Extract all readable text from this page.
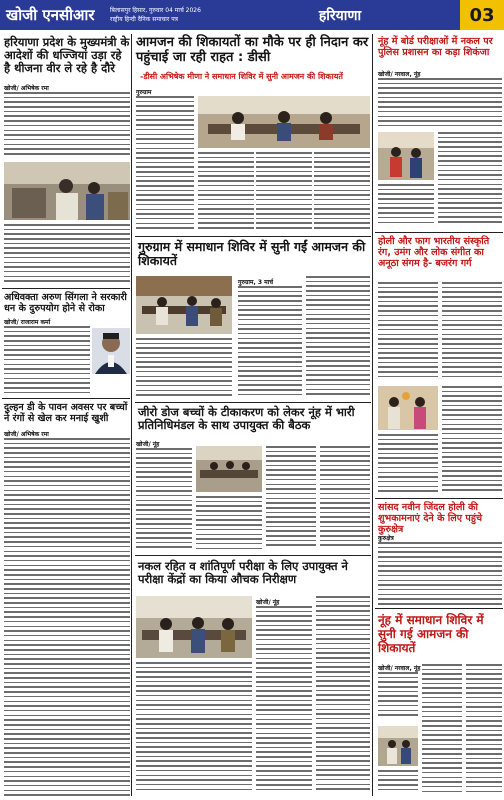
खोजी एनसीआर	बिलासपुर हिसार, गुरुवार 04 मार्च 2026
राष्ट्रीय हिन्दी दैनिक समाचार पत्र	हरियाणा	03
हरियाणा प्रदेश के मुख्यमंत्री के आदेशों की धज्जियां उड़ा रहे है थीजना वीर ले रहे है दौरे
खोजी/ अभिषेक रमा
अधिवक्ता अरुण सिंगला ने सरकारी धन के दुरुपयोग होने से रोका
खोजी/ राजाराम कर्मा
दुल्हन डी के पावन अवसर पर बच्चों ने रंगों से खेल कर मनाई खुशी
खोजी/ अभिषेक रमा
आमजन की शिकायतों का मौके पर ही निदान कर पहुंचाई जा रही राहत : डीसी
-डीसी अभिषेक मीणा ने समाधान शिविर में सुनी आमजन की शिकायतें
गुरुग्राम
गुरुग्राम में समाधान शिविर में सुनी गईं आमजन की शिकायतें
गुरुग्राम, 3 मार्च
जीरो डोज बच्चों के टीकाकरण को लेकर नूंह में भारी प्रतिनिधिमंडल के साथ उपायुक्त की बैठक
खोजी/ नूंह
नकल रहित व शांतिपूर्ण परीक्षा के लिए उपायुक्त ने परीक्षा केंद्रों का किया औचक निरीक्षण
खोजी/ नूंह
नूंह में बोर्ड परीक्षाओं में नकल पर पुलिस प्रशासन का कड़ा शिकंजा
खोजी/ नरवाल, नूंह
होली और फाग भारतीय संस्कृति रंग, उमंग और लोक संगीत का अनूठा संगम है- बजरंग गर्ग
सांसद नवीन जिंदल होली की शुभकामनाएं देने के लिए पहुंचे कुरुक्षेत्र
कुरुक्षेत्र
नूंह में समाधान शिविर में सुनी गई आमजन की शिकायतें
खोजी/ नरवाल, नूंह
